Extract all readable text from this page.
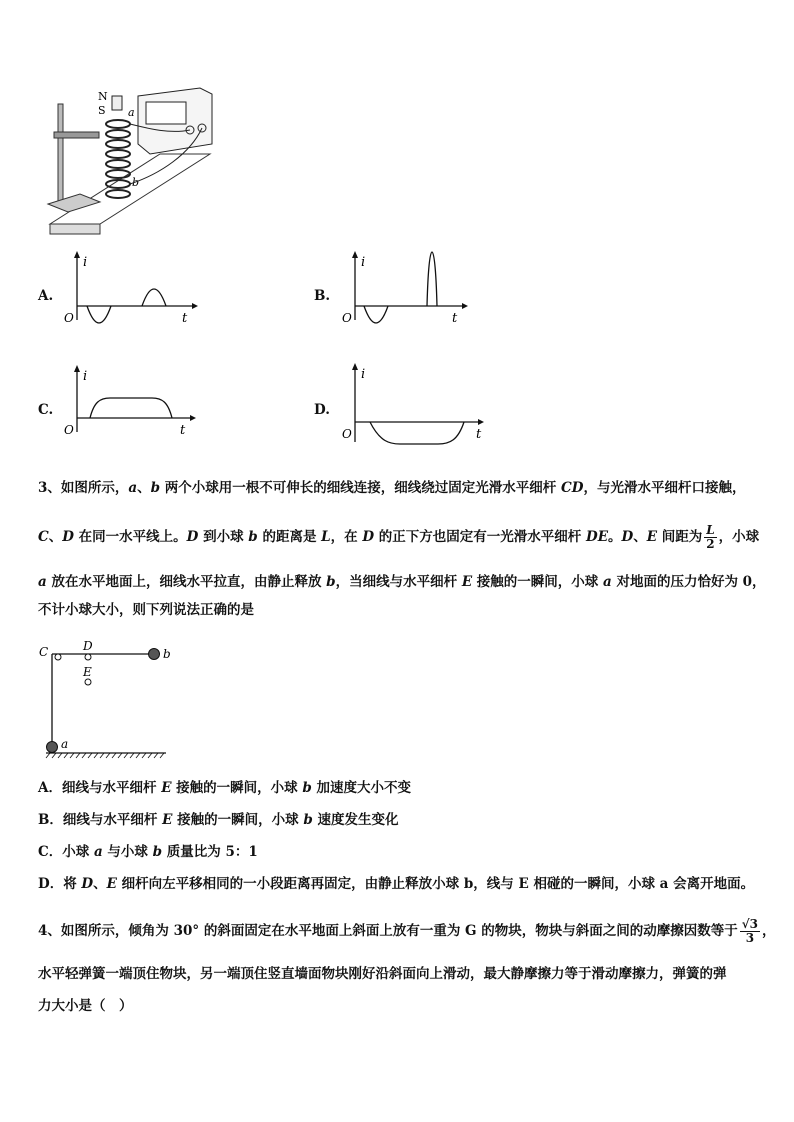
N
S a
b
A.
i
t
O
B.
i
t
O
C.
i
t
O
D.
i
t
O
3、如图所示，a、b 两个小球用一根不可伸长的细线连接，细线绕过固定光滑水平细杆 CD，与光滑水平细杆口接触，
C、D 在同一水平线上。D 到小球 b 的距离是 L，在 D 的正下方也固定有一光滑水平细杆 DE。D、E 间距为 $\frac{L}{2}$ ，小球
a 放在水平地面上，细线水平拉直，由静止释放 b，当细线与水平细杆 E 接触的一瞬间，小球 a 对地面的压力恰好为 0，
不计小球大小，则下列说法正确的是
C	D
E
b
a
A．细线与水平细杆 E 接触的一瞬间，小球 b 加速度大小不变
B．细线与水平细杆 E 接触的一瞬间，小球 b 速度发生变化
C．小球 a 与小球 b 质量比为 5：1
D．将 D、E 细杆向左平移相同的一小段距离再固定，由静止释放小球 b，线与 E 相碰的一瞬间，小球 a 会离开地面。
4、如图所示，倾角为 30° 的斜面固定在水平地面上斜面上放有一重为 G 的物块，物块与斜面之间的动摩擦因数等于 $\frac{√3}{3}$ ，
水平轻弹簧一端顶住物块，另一端顶住竖直墙面物块刚好沿斜面向上滑动，最大静摩擦力等于滑动摩擦力，弹簧的弹
力大小是（　）
